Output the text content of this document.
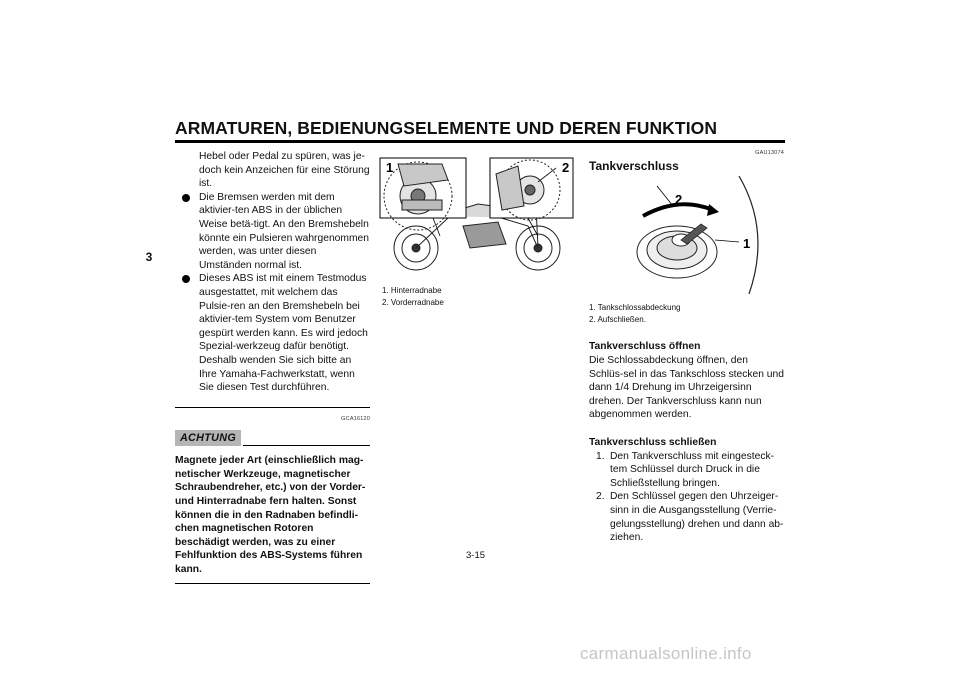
ARMATUREN, BEDIENUNGSELEMENTE UND DEREN FUNKTION
3
Hebel oder Pedal zu spüren, was je-doch kein Anzeichen für eine Störung ist.
Die Bremsen werden mit dem aktivier-ten ABS in der üblichen Weise betä-tigt. An den Bremshebeln könnte ein Pulsieren wahrgenommen werden, was unter diesen Umständen normal ist.
Dieses ABS ist mit einem Testmodus ausgestattet, mit welchem das Pulsie-ren an den Bremshebeln bei aktivier-tem System vom Benutzer gespürt werden kann. Es wird jedoch Spezial-werkzeug dafür benötigt. Deshalb wenden Sie sich bitte an Ihre Yamaha-Fachwerkstatt, wenn Sie diesen Test durchführen.
GCA16120
ACHTUNG
Magnete jeder Art (einschließlich mag-netischer Werkzeuge, magnetischer Schraubendreher, etc.) von der Vorder-und Hinterradnabe fern halten. Sonst können die in den Radnaben befindli-chen magnetischen Rotoren beschädigt werden, was zu einer Fehlfunktion des ABS-Systems führen kann.
1	2
1. Hinterradnabe
2. Vorderradnabe
GAU13074
Tankverschluss
2
1
1. Tankschlossabdeckung
2. Aufschließen.
Tankverschluss öffnen
Die Schlossabdeckung öffnen, den Schlüs-sel in das Tankschloss stecken und dann 1/4 Drehung im Uhrzeigersinn drehen. Der Tankverschluss kann nun abgenommen werden.
Tankverschluss schließen
1. Den Tankverschluss mit eingesteck-tem Schlüssel durch Druck in die Schließstellung bringen.
2. Den Schlüssel gegen den Uhrzeiger-sinn in die Ausgangsstellung (Verrie-gelungsstellung) drehen und dann ab-ziehen.
3-15
carmanualsonline.info
